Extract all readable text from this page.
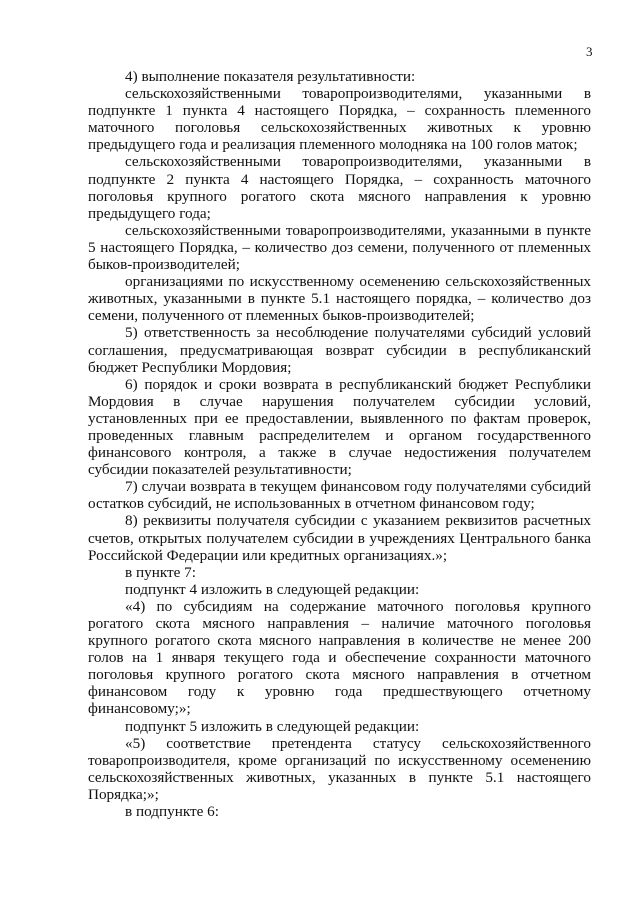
3

4) выполнение показателя результативности:

сельскохозяйственными товаропроизводителями, указанными в подпункте 1 пункта 4 настоящего Порядка, – сохранность племенного маточного поголовья сельскохозяйственных животных к уровню предыдущего года и реализация племенного молодняка на 100 голов маток;

сельскохозяйственными товаропроизводителями, указанными в подпункте 2 пункта 4 настоящего Порядка, – сохранность маточного поголовья крупного рогатого скота мясного направления к уровню предыдущего года;

сельскохозяйственными товаропроизводителями, указанными в пункте 5 настоящего Порядка, – количество доз семени, полученного от племенных быков-производителей;

организациями по искусственному осеменению сельскохозяйственных животных, указанными в пункте 5.1 настоящего порядка, – количество доз семени, полученного от племенных быков-производителей;

5) ответственность за несоблюдение получателями субсидий условий соглашения, предусматривающая возврат субсидии в республиканский бюджет Республики Мордовия;

6) порядок и сроки возврата в республиканский бюджет Республики Мордовия в случае нарушения получателем субсидии условий, установленных при ее предоставлении, выявленного по фактам проверок, проведенных главным распределителем и органом государственного финансового контроля, а также в случае недостижения получателем субсидии показателей результативности;

7) случаи возврата в текущем финансовом году получателями субсидий остатков субсидий, не использованных в отчетном финансовом году;

8) реквизиты получателя субсидии с указанием реквизитов расчетных счетов, открытых получателем субсидии в учреждениях Центрального банка Российской Федерации или кредитных организациях.»;

в пункте 7:

подпункт 4 изложить в следующей редакции:

«4) по субсидиям на содержание маточного поголовья крупного рогатого скота мясного направления – наличие маточного поголовья крупного рогатого скота мясного направления в количестве не менее 200 голов на 1 января текущего года и обеспечение сохранности маточного поголовья крупного рогатого скота мясного направления в отчетном финансовом году к уровню года предшествующего отчетному финансовому;»;

подпункт 5 изложить в следующей редакции:

«5) соответствие претендента статусу сельскохозяйственного товаропроизводителя, кроме организаций по искусственному осеменению сельскохозяйственных животных, указанных в пункте 5.1 настоящего Порядка;»;

в подпункте 6:
